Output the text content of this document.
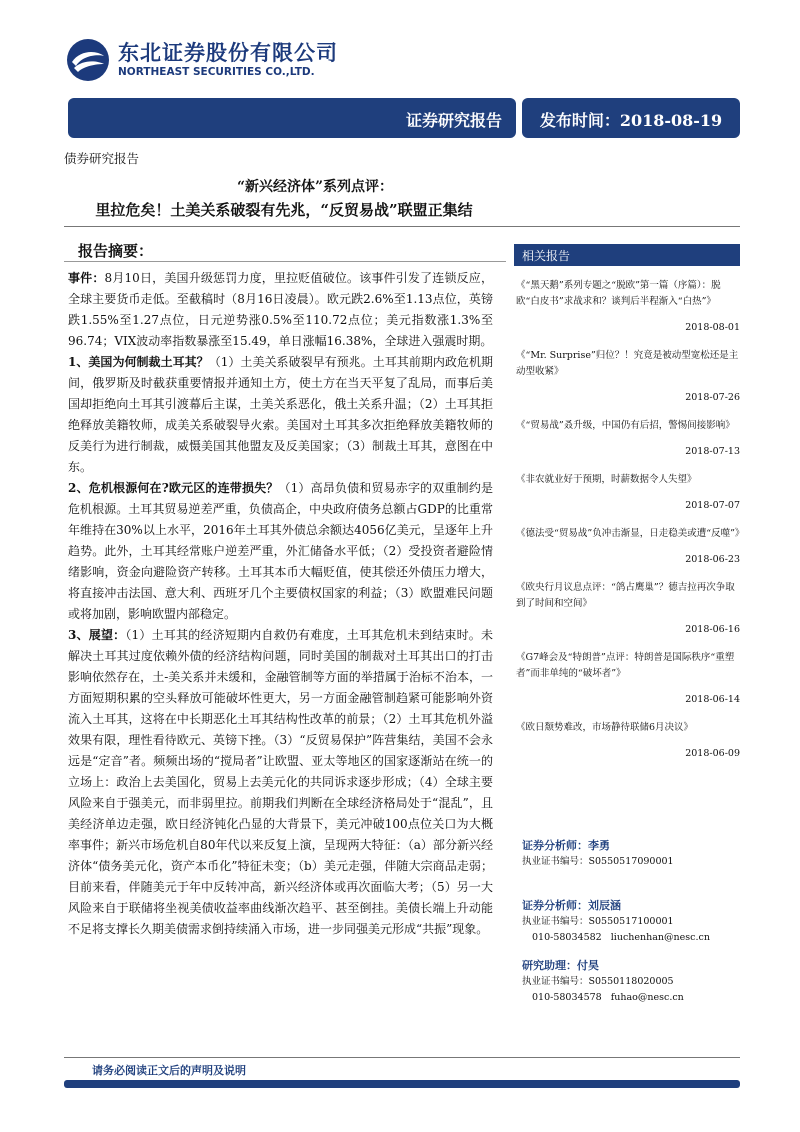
东北证券股份有限公司
NORTHEAST SECURITIES CO.,LTD.
证券研究报告	发布时间：2018-08-19
债券研究报告
“新兴经济体”系列点评：
里拉危矣！土美关系破裂有先兆，“反贸易战”联盟正集结
报告摘要：

事件：8月10日，美国升级惩罚力度，里拉贬值破位。该事件引发了连锁反应，全球主要货币走低。至截稿时（8月16日凌晨）。欧元跌2.6%至1.13点位，英镑跌1.55%至1.27点位，日元逆势涨0.5%至110.72点位；美元指数涨1.3%至96.74；VIX波动率指数暴涨至15.49，单日涨幅16.38%，全球进入强震时期。

1、美国为何制裁土耳其？（1）土美关系破裂早有预兆。土耳其前期内政危机期间，俄罗斯及时截获重要情报并通知土方，使土方在当天平复了乱局，而事后美国却拒绝向土耳其引渡幕后主谋，土美关系恶化，俄土关系升温；（2）土耳其拒绝释放美籍牧师，成美关系破裂导火索。美国对土耳其多次拒绝释放美籍牧师的反美行为进行制裁，威慑美国其他盟友及反美国家；（3）制裁土耳其，意图在中东。

2、危机根源何在?欧元区的连带损失？（1）高昂负债和贸易赤字的双重制约是危机根源。土耳其贸易逆差严重，负债高企，中央政府债务总额占GDP的比重常年维持在30%以上水平，2016年土耳其外债总余额达4056亿美元，呈逐年上升趋势。此外，土耳其经常账户逆差严重，外汇储备水平低；（2）受投资者避险情绪影响，资金向避险资产转移。土耳其本币大幅贬值，使其偿还外债压力增大，将直接冲击法国、意大利、西班牙几个主要债权国家的利益；（3）欧盟难民问题或将加剧，影响欧盟内部稳定。

3、展望：（1）土耳其的经济短期内自救仍有难度，土耳其危机未到结束时。未解决土耳其过度依赖外债的经济结构问题，同时美国的制裁对土耳其出口的打击影响依然存在，土-美关系并未缓和，金融管制等方面的举措属于治标不治本，一方面短期积累的空头释放可能破坏性更大，另一方面金融管制趋紧可能影响外资流入土耳其，这将在中长期恶化土耳其结构性改革的前景；（2）土耳其危机外溢效果有限，理性看待欧元、英镑下挫。（3）“反贸易保护”阵营集结，美国不会永远是“定音”者。频频出场的“搅局者”让欧盟、亚太等地区的国家逐渐站在统一的立场上：政治上去美国化，贸易上去美元化的共同诉求逐步形成；（4）全球主要风险来自于强美元，而非弱里拉。前期我们判断在全球经济格局处于“混乱”，且美经济单边走强，欧日经济钝化凸显的大背景下，美元冲破100点位关口为大概率事件；新兴市场危机自80年代以来反复上演，呈现两大特征：（a）部分新兴经济体“债务美元化，资产本币化”特征未变；（b）美元走强，伴随大宗商品走弱；目前来看，伴随美元于年中反转冲高，新兴经济体或再次面临大考；（5）另一大风险来自于联储将坐视美债收益率曲线渐次趋平、甚至倒挂。美债长端上升动能不足将支撑长久期美债需求倒持续涌入市场，进一步同强美元形成“共振”现象。

相关报告
《“黑天鹅”系列专题之“脱欧”第一篇（序篇）：脱欧“白皮书”求战求和？谈判后半程渐入“白热”》
2018-08-01
《“Mr. Surprise”归位？！究竟是被动型宽松还是主动型收紧》
2018-07-26
《“贸易战”叒升级，中国仍有后招，警惕间接影响》
2018-07-13
《非农就业好于预期，时薪数据令人失望》
2018-07-07
《德法受“贸易战”负冲击渐显，日走稳美或遭“反噬”》
2018-06-23
《欧央行月议息点评：“鸽占鹰巢”？德吉拉再次争取到了时间和空间》
2018-06-16
《G7峰会及“特朗普”点评：特朗普是国际秩序“重塑者”而非单纯的“破坏者”》
2018-06-14
《欧日颓势难改，市场静待联储6月决议》
2018-06-09
证券分析师：李勇
执业证书编号：S0550517090001
证券分析师：刘辰涵
执业证书编号：S0550517100001
010-58034582 liuchenhan@nesc.cn
研究助理：付昊
执业证书编号：S0550118020005
010-58034578 fuhao@nesc.cn
请务必阅读正文后的声明及说明
